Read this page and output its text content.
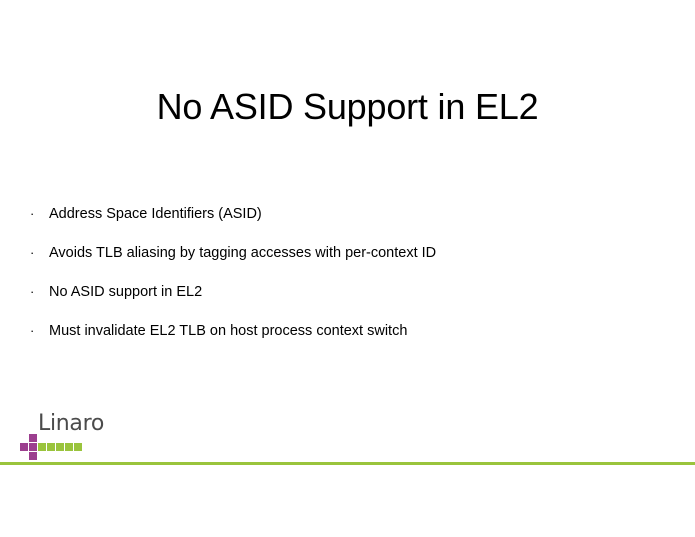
No ASID Support in EL2
·	Address Space Identifiers (ASID)
·	Avoids TLB aliasing by tagging accesses with per-context ID
·	No ASID support in EL2
·	Must invalidate EL2 TLB on host process context switch
Linaro
